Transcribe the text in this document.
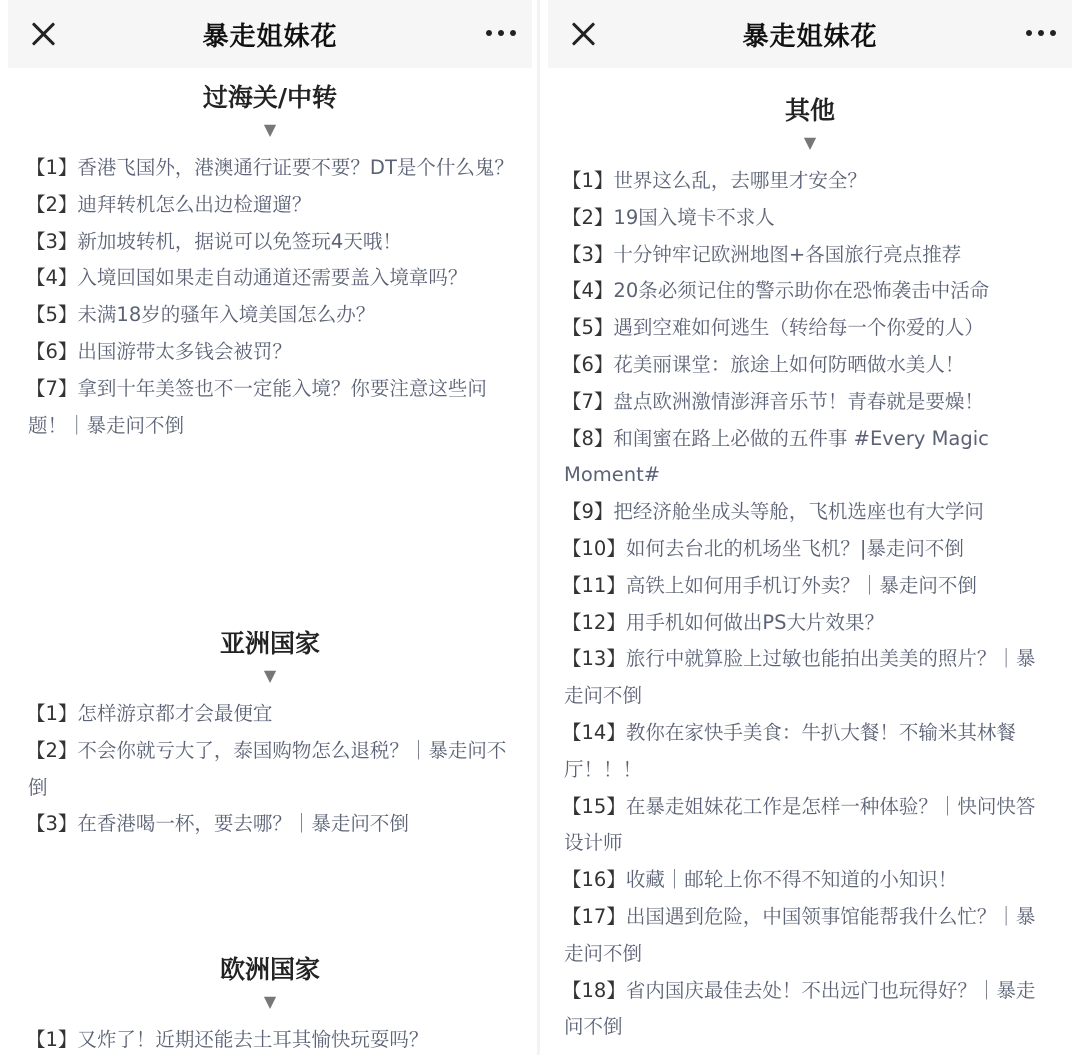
暴走姐妹花
过海关/中转
▼
【1】香港飞国外，港澳通行证要不要？DT是个什么鬼？
【2】迪拜转机怎么出边检遛遛？
【3】新加坡转机，据说可以免签玩4天哦！
【4】入境回国如果走自动通道还需要盖入境章吗？
【5】未满18岁的骚年入境美国怎么办？
【6】出国游带太多钱会被罚？
【7】拿到十年美签也不一定能入境？你要注意这些问题！｜暴走问不倒
亚洲国家
▼
【1】怎样游京都才会最便宜
【2】不会你就亏大了，泰国购物怎么退税？｜暴走问不倒
【3】在香港喝一杯，要去哪？｜暴走问不倒
欧洲国家
▼
【1】又炸了！近期还能去土耳其愉快玩耍吗？
暴走姐妹花
其他
▼
【1】世界这么乱，去哪里才安全？
【2】19国入境卡不求人
【3】十分钟牢记欧洲地图+各国旅行亮点推荐
【4】20条必须记住的警示助你在恐怖袭击中活命
【5】遇到空难如何逃生（转给每一个你爱的人）
【6】花美丽课堂：旅途上如何防晒做水美人！
【7】盘点欧洲激情澎湃音乐节！青春就是要燥！
【8】和闺蜜在路上必做的五件事 #Every Magic Moment#
【9】把经济舱坐成头等舱，飞机选座也有大学问
【10】如何去台北的机场坐飞机？|暴走问不倒
【11】高铁上如何用手机订外卖？｜暴走问不倒
【12】用手机如何做出PS大片效果？
【13】旅行中就算脸上过敏也能拍出美美的照片？｜暴走问不倒
【14】教你在家快手美食：牛扒大餐！不输米其林餐厅！！！
【15】在暴走姐妹花工作是怎样一种体验？｜快问快答设计师
【16】收藏｜邮轮上你不得不知道的小知识！
【17】出国遇到危险，中国领事馆能帮我什么忙？｜暴走问不倒
【18】省内国庆最佳去处！不出远门也玩得好？｜暴走问不倒
